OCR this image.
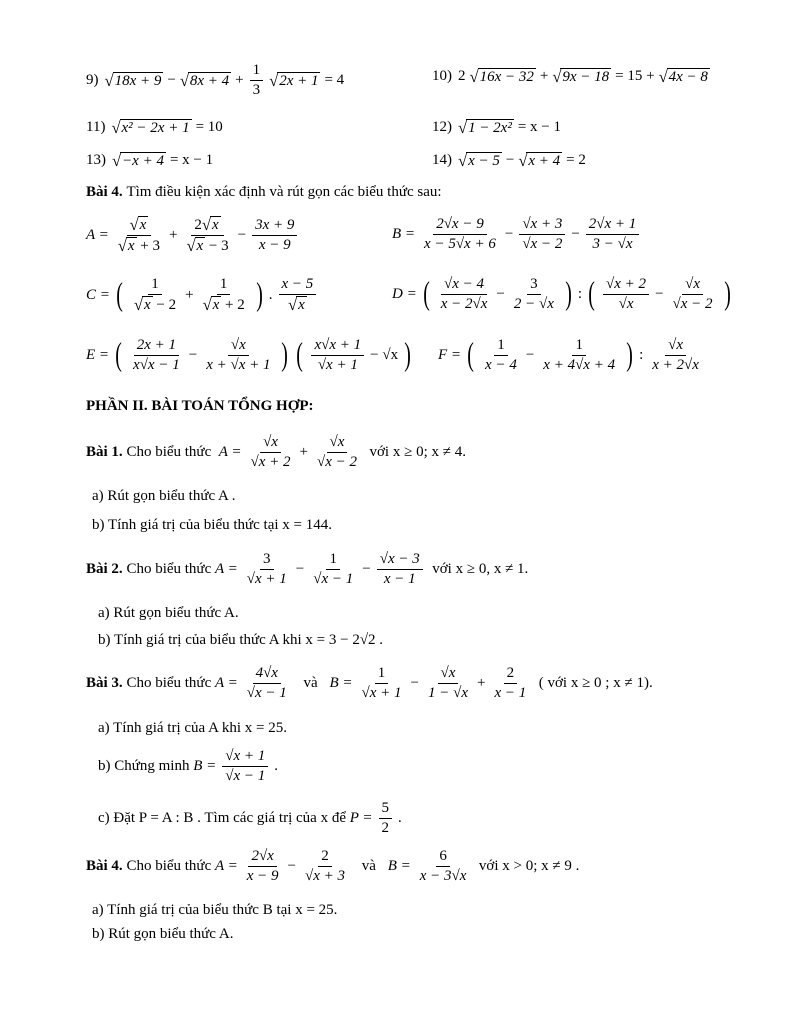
9) √ 18x + 9 − √ $8x + 4 + \frac{1}{3}$ √ 2x + 1 = 4	10) 2 √ 16x − 32 + √ 9x − 18 = 15 + √ 4x − 8
11) √ x² − 2x + 1 = 10	12) √ 1 − 2x² = x − 1
13) √ −x + 4 = x − 1	14) √ x − 5 − √ x + 4 = 2
Bài 4.
Tìm điều kiện xác định và rút gọn các biểu thức sau:
$A = \frac{√ x}{√ x + 3} + \frac{2 √ x}{√ x - 3} - \frac{3x + 9}{x - 9}$	$B = \frac{2√x - 9}{x - 5√x + 6} - \frac{√x + 3}{√x - 2} - \frac{2√x + 1}{3 - √x}$
C = ( $\frac{1}{√ x - 2} + \frac{1}{√ x + 2}$ ) . $\frac{x - 5}{√ x}$	D = ( $\frac{√x - 4}{x - 2√x} - \frac{3}{2 - √x}$ ) : ( $\frac{√x + 2}{√x} - \frac{√x}{√x - 2}$ )
E = ( $\frac{2x + 1}{x√x - 1} - \frac{√x}{x + √x + 1}$ ) ( $\frac{x√x + 1}{√x + 1} - √x$ ) F = ( $\frac{1}{x - 4} - \frac{1}{x + 4√x + 4}$ ) : $\frac{√x}{x + 2√x}$
PHẦN II. BÀI TOÁN TỔNG HỢP:
Bài 1.
Cho biểu thức
$A = \frac{√x}{√x + 2} + \frac{√x}{√x - 2}$
với x ≥ 0; x ≠ 4.
a) Rút gọn biểu thức A .
b) Tính giá trị của biểu thức tại x = 144.
Bài 2.
Cho biểu thức
$A = \frac{3}{√x + 1} - \frac{1}{√x - 1} - \frac{√x - 3}{x - 1}$
với x ≥ 0, x ≠ 1.
a) Rút gọn biểu thức A.
b) Tính giá trị của biểu thức A khi x = 3 − 2√2 .
Bài 3.
Cho biểu thức
$A = \frac{4√x}{√x - 1}$
và
$B = \frac{1}{√x + 1} - \frac{√x}{1 - √x} + \frac{2}{x - 1}$
( với x ≥ 0 ; x ≠ 1).
a) Tính giá trị của A khi x = 25.
b) Chứng minh
$B = \frac{√x + 1}{√x - 1}$ .
c) Đặt P = A : B . Tìm các giá trị của x để
$P = \frac{5}{2}$ .
Bài 4.
Cho biểu thức
$A = \frac{2√x}{x - 9} - \frac{2}{√x + 3}$
và
$B = \frac{6}{x - 3√x}$
với x > 0; x ≠ 9 .
a) Tính giá trị của biểu thức B tại x = 25.
b) Rút gọn biểu thức A.
